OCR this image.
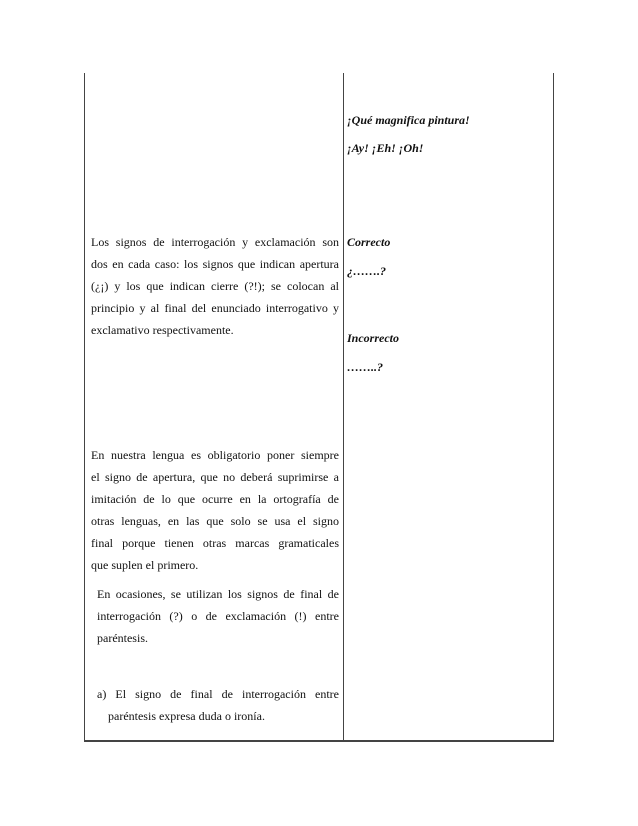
¡Qué magnifica pintura!
¡Ay! ¡Eh! ¡Oh!
Correcto
¿…….?
Incorrecto
……..?
Los signos de interrogación y exclamación son
dos en cada caso: los signos que indican apertura
(¿¡) y los que indican cierre (?!); se colocan al
principio y al final del enunciado interrogativo y
exclamativo respectivamente.
En nuestra lengua es obligatorio poner siempre
el signo de apertura, que no deberá suprimirse a
imitación de lo que ocurre en la ortografía de
otras lenguas, en las que solo se usa el signo
final porque tienen otras marcas gramaticales
que suplen el primero.
En ocasiones, se utilizan los signos de final de
interrogación (?) o de exclamación (!) entre
paréntesis.
a) El signo de final de interrogación entre
paréntesis expresa duda o ironía.
